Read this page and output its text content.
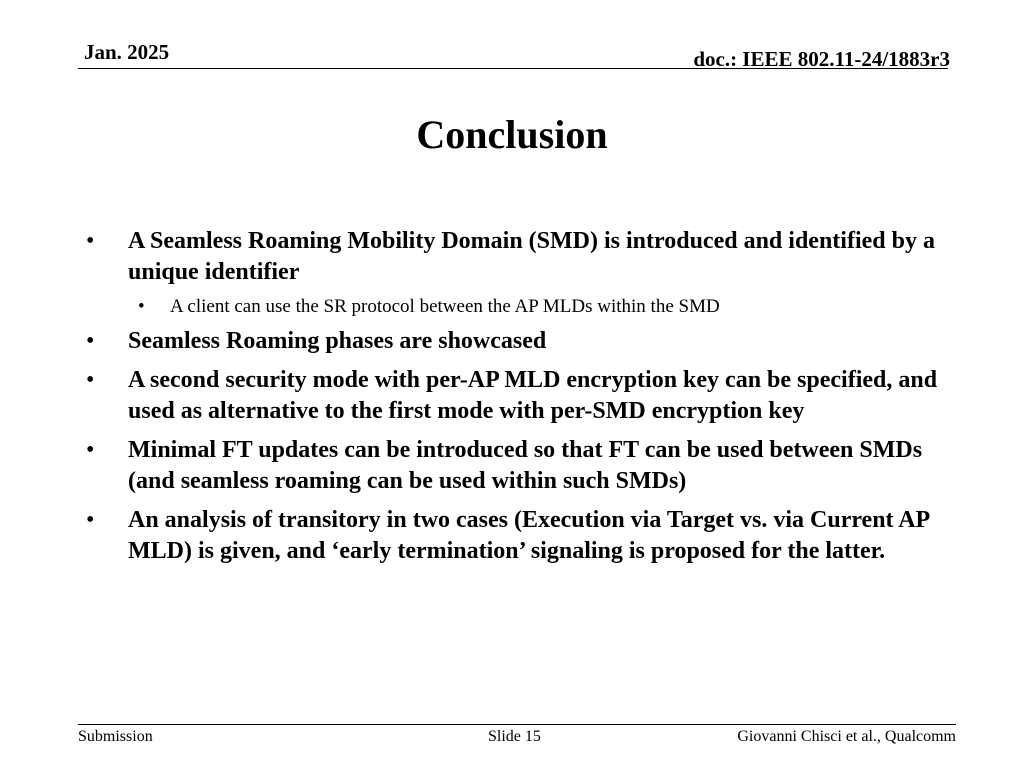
Jan. 2025	doc.: IEEE 802.11-24/1883r3
Conclusion
•	A Seamless Roaming Mobility Domain (SMD) is introduced and identified by a unique identifier
•	A client can use the SR protocol between the AP MLDs within the SMD
•	Seamless Roaming phases are showcased
•	A second security mode with per-AP MLD encryption key can be specified, and used as alternative to the first mode with per-SMD encryption key
•	Minimal FT updates can be introduced so that FT can be used between SMDs (and seamless roaming can be used within such SMDs)
•	An analysis of transitory in two cases (Execution via Target vs. via Current AP MLD) is given, and ‘early termination’ signaling is proposed for the latter.
Submission	Slide 15	Giovanni Chisci et al., Qualcomm
